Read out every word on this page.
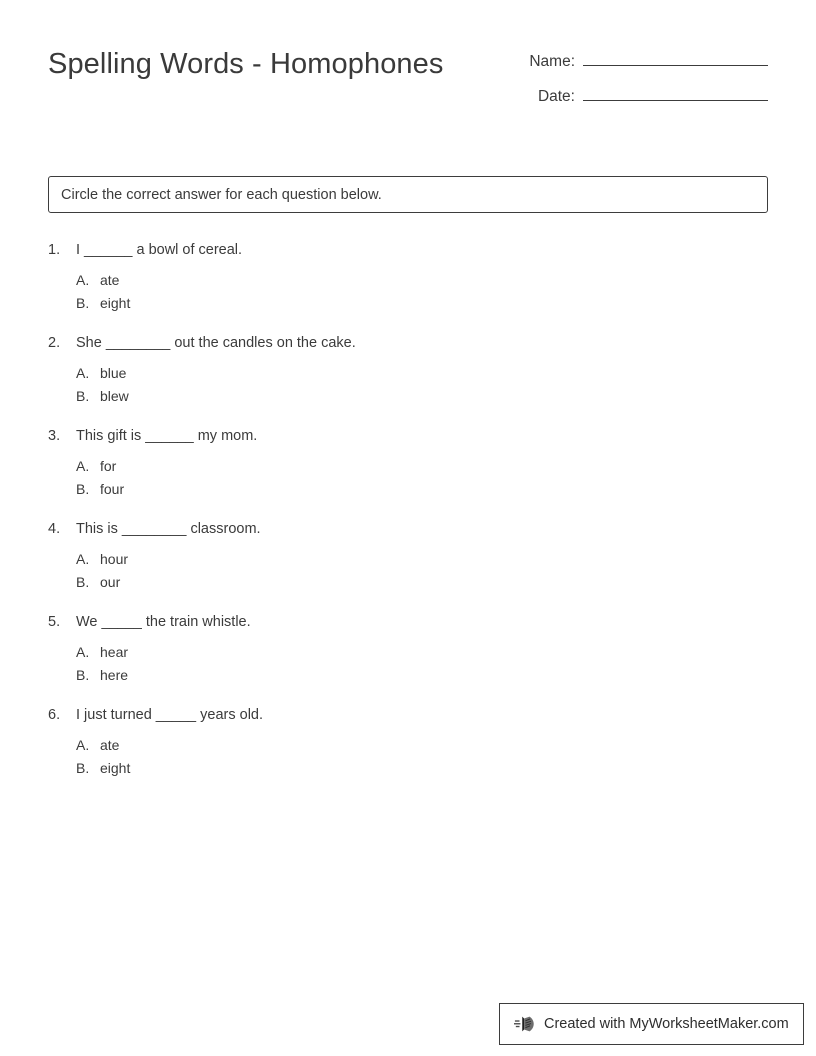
Spelling Words - Homophones	Name:
Date:
Circle the correct answer for each question below.
1.	I ______ a bowl of cereal.
A. ate
B. eight
2.	She ________ out the candles on the cake.
A. blue
B. blew
3.	This gift is ______ my mom.
A. for
B. four
4.	This is ________ classroom.
A. hour
B. our
5.	We _____ the train whistle.
A. hear
B. here
6.	I just turned _____ years old.
A. ate
B. eight
Created with MyWorksheetMaker.com
